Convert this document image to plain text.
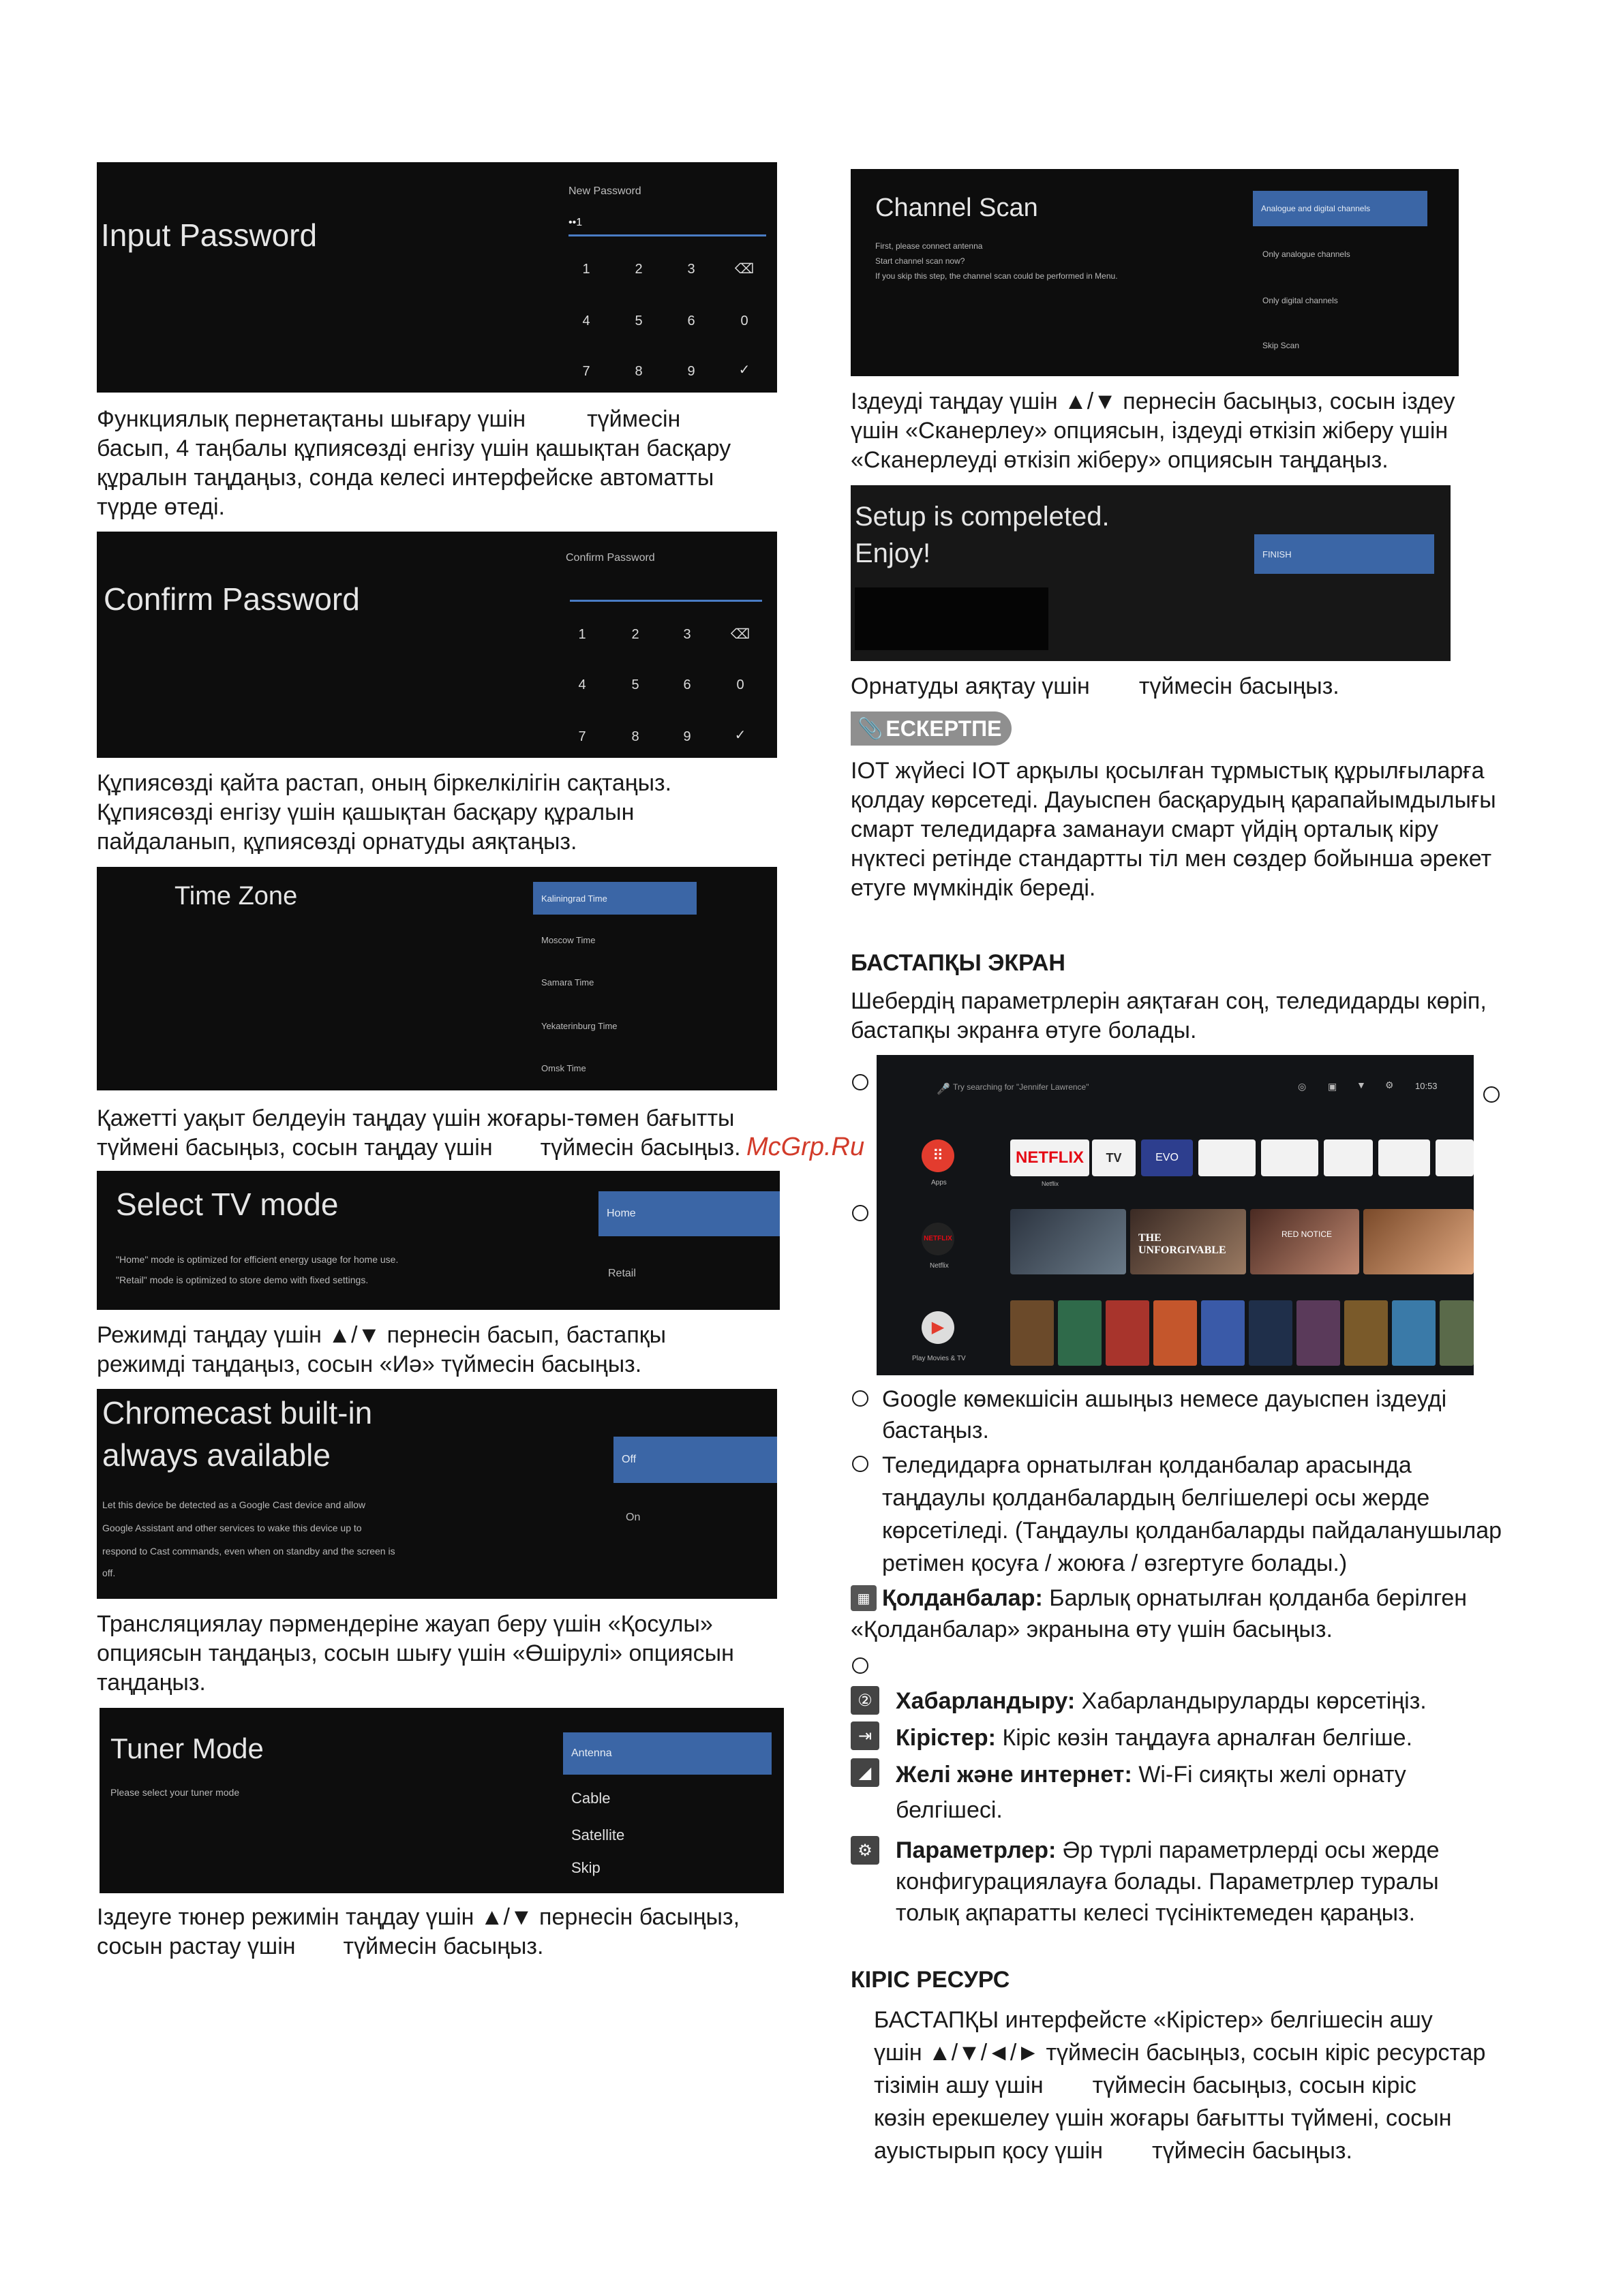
Input Password
New Password
••1
1	2	3	⌫
4	5	6	0
7	8	9	✓
Функциялық пернетақтаны шығару үшін	түймесін
басып, 4 таңбалы құпиясөзді енгізу үшін қашықтан басқару
құралын таңдаңыз, сонда келесі интерфейске автоматты
түрде өтеді.
Confirm Password
Confirm Password
1	2	3	⌫
4	5	6	0
7	8	9	✓
Құпиясөзді қайта растап, оның біркелкілігін сақтаңыз.
Құпиясөзді енгізу үшін қашықтан басқару құралын
пайдаланып, құпиясөзді орнатуды аяқтаңыз.
Time Zone	Kaliningrad Time
Moscow Time
Samara Time
Yekaterinburg Time
Omsk Time
Қажетті уақыт белдеуін таңдау үшін жоғары-төмен бағытты
түймені басыңыз, сосын таңдау үшін түймесін басыңыз. McGrp.Ru
Select TV mode
"Home" mode is optimized for efficient energy usage for home use.
"Retail" mode is optimized to store demo with fixed settings.
Home
Retail
Режимді таңдау үшін ▲/▼ пернесін басып, бастапқы
режимді таңдаңыз, сосын «Иә» түймесін басыңыз.
Chromecast built-in
always available
Let this device be detected as a Google Cast device and allow
Google Assistant and other services to wake this device up to
respond to Cast commands, even when on standby and the screen is
off.
Off
On
Трансляциялау пәрмендеріне жауап беру үшін «Қосулы»
опциясын таңдаңыз, сосын шығу үшін «Өшірулі» опциясын
таңдаңыз.
Tuner Mode
Please select your tuner mode
Antenna
Cable
Satellite
Skip
Іздеуге тюнер режимін таңдау үшін ▲/▼ пернесін басыңыз,
сосын растау үшін түймесін басыңыз.
Channel Scan
First, please connect antenna
Start channel scan now?
If you skip this step, the channel scan could be performed in Menu.
Analogue and digital channels
Only analogue channels
Only digital channels
Skip Scan
Іздеуді таңдау үшін ▲/▼ пернесін басыңыз, сосын іздеу
үшін «Сканерлеу» опциясын, іздеуді өткізіп жіберу үшін
«Сканерлеуді өткізіп жіберу» опциясын таңдаңыз.
Setup is compeleted.
Enjoy!	FINISH
Орнатуды аяқтау үшін түймесін басыңыз.
📎 ЕСКЕРТПЕ
IOT жүйесі IOT арқылы қосылған тұрмыстық құрылғыларға
қолдау көрсетеді. Дауыспен басқарудың қарапайымдылығы
смарт теледидарға заманауи смарт үйдің орталық кіру
нүктесі ретінде стандартты тіл мен сөздер бойынша әрекет
етуге мүмкіндік береді.
БАСТАПҚЫ ЭКРАН
Шебердің параметрлерін аяқтаған соң, теледидарды көріп,
бастапқы экранға өтуге болады.
🎤 Try searching for "Jennifer Lawrence"	◎ ▣ ▼ ⚙ 10:53
⠿
Apps
NETFLIX
Netflix
▶
Play Movies & TV
NETFLIX
Netflix
TV	EVO
THE UNFORGIVABLE
RED NOTICE
Google көмекшісін ашыңыз немесе дауыспен іздеуді
бастаңыз.
Теледидарға орнатылған қолданбалар арасында
таңдаулы қолданбалардың белгішелері осы жерде
көрсетіледі. (Таңдаулы қолданбаларды пайдаланушылар
ретімен қосуға / жоюға / өзгертуге болады.)
▦ Қолданбалар: Барлық орнатылған қолданба берілген
«Қолданбалар» экранына өту үшін басыңыз.
②	Хабарландыру: Хабарландыруларды көрсетіңіз.
⇥	Кірістер: Кіріс көзін таңдауға арналған белгіше.
◢	Желі және интернет: Wi-Fi сияқты желі орнату
белгішесі.
⚙	Параметрлер: Әр түрлі параметрлерді осы жерде
конфигурациялауға болады. Параметрлер туралы
толық ақпаратты келесі түсініктемеден қараңыз.
КІРІС РЕСУРС
БАСТАПҚЫ интерфейсте «Кірістер» белгішесін ашу
үшін ▲/▼/◄/► түймесін басыңыз, сосын кіріс ресурстар
тізімін ашу үшін түймесін басыңыз, сосын кіріс
көзін ерекшелеу үшін жоғары бағытты түймені, сосын
ауыстырып қосу үшін түймесін басыңыз.
